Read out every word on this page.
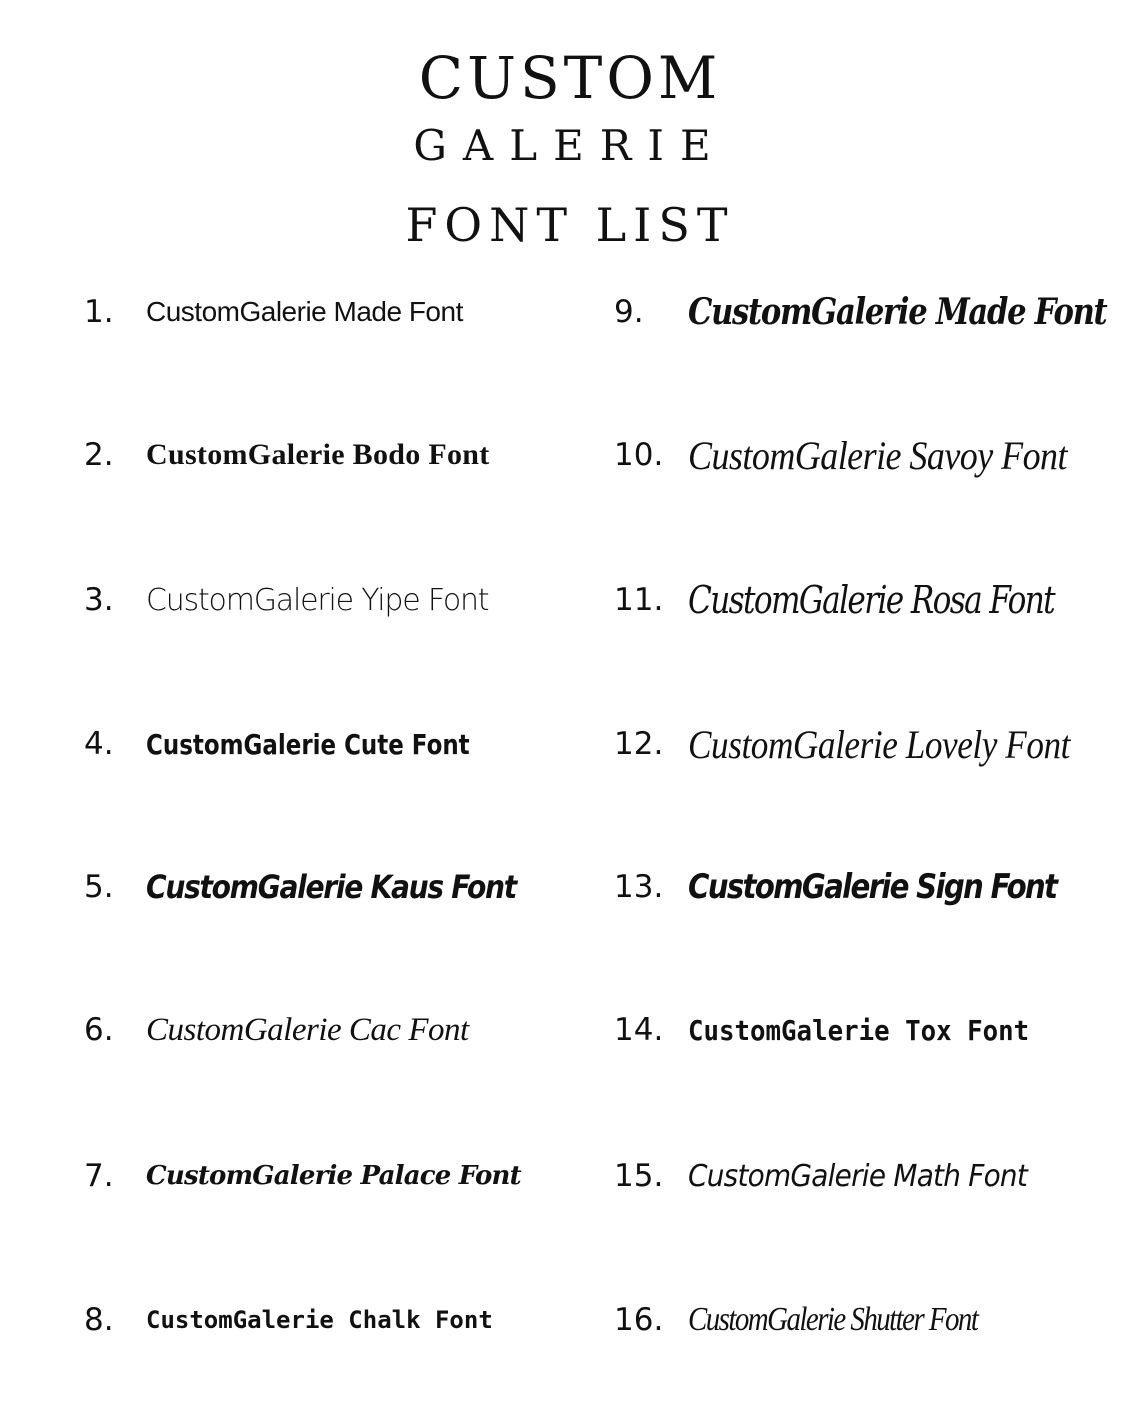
CUSTOM
GALERIE
FONT LIST
1.	CustomGalerie Made Font
2.	CustomGalerie Bodo Font
3.	CustomGalerie Yipe Font
4.	CustomGalerie Cute Font
5.	CustomGalerie Kaus Font
6. CustomGalerie Cac Font
7.	CustomGalerie Palace Font
8.	CustomGalerie Chalk Font
9.	CustomGalerie Made Font
10. CustomGalerie Savoy Font
11. CustomGalerie Rosa Font
12. CustomGalerie Lovely Font
13. CustomGalerie Sign Font
14. CustomGalerie Tox Font
15. CustomGalerie Math Font
16. CustomGalerie Shutter Font
